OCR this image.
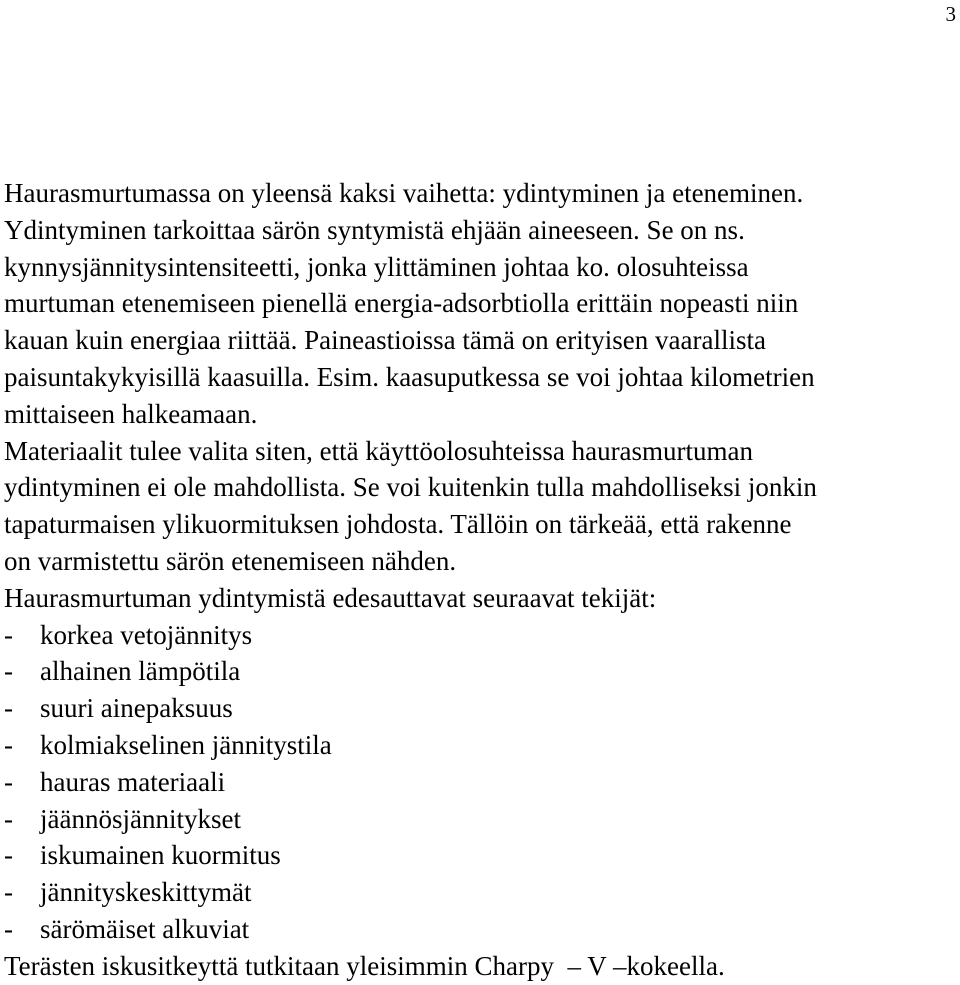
3
Haurasmurtumassa on yleensä kaksi vaihetta: ydintyminen ja eteneminen.
Ydintyminen tarkoittaa särön syntymistä ehjään aineeseen. Se on ns.
kynnysjännitysintensiteetti, jonka ylittäminen johtaa ko. olosuhteissa
murtuman etenemiseen pienellä energia-adsorbtiolla erittäin nopeasti niin
kauan kuin energiaa riittää. Paineastioissa tämä on erityisen vaarallista
paisuntakykyisillä kaasuilla. Esim. kaasuputkessa se voi johtaa kilometrien
mittaiseen halkeamaan.
Materiaalit tulee valita siten, että käyttöolosuhteissa haurasmurtuman
ydintyminen ei ole mahdollista. Se voi kuitenkin tulla mahdolliseksi jonkin
tapaturmaisen ylikuormituksen johdosta. Tällöin on tärkeää, että rakenne
on varmistettu särön etenemiseen nähden.
Haurasmurtuman ydintymistä edesauttavat seuraavat tekijät:
- korkea vetojännitys
- alhainen lämpötila
- suuri ainepaksuus
- kolmiakselinen jännitystila
- hauras materiaali
- jäännösjännitykset
- iskumainen kuormitus
- jännityskeskittymät
- särömäiset alkuviat
Terästen iskusitkeyttä tutkitaan yleisimmin Charpy  – V –kokeella.
